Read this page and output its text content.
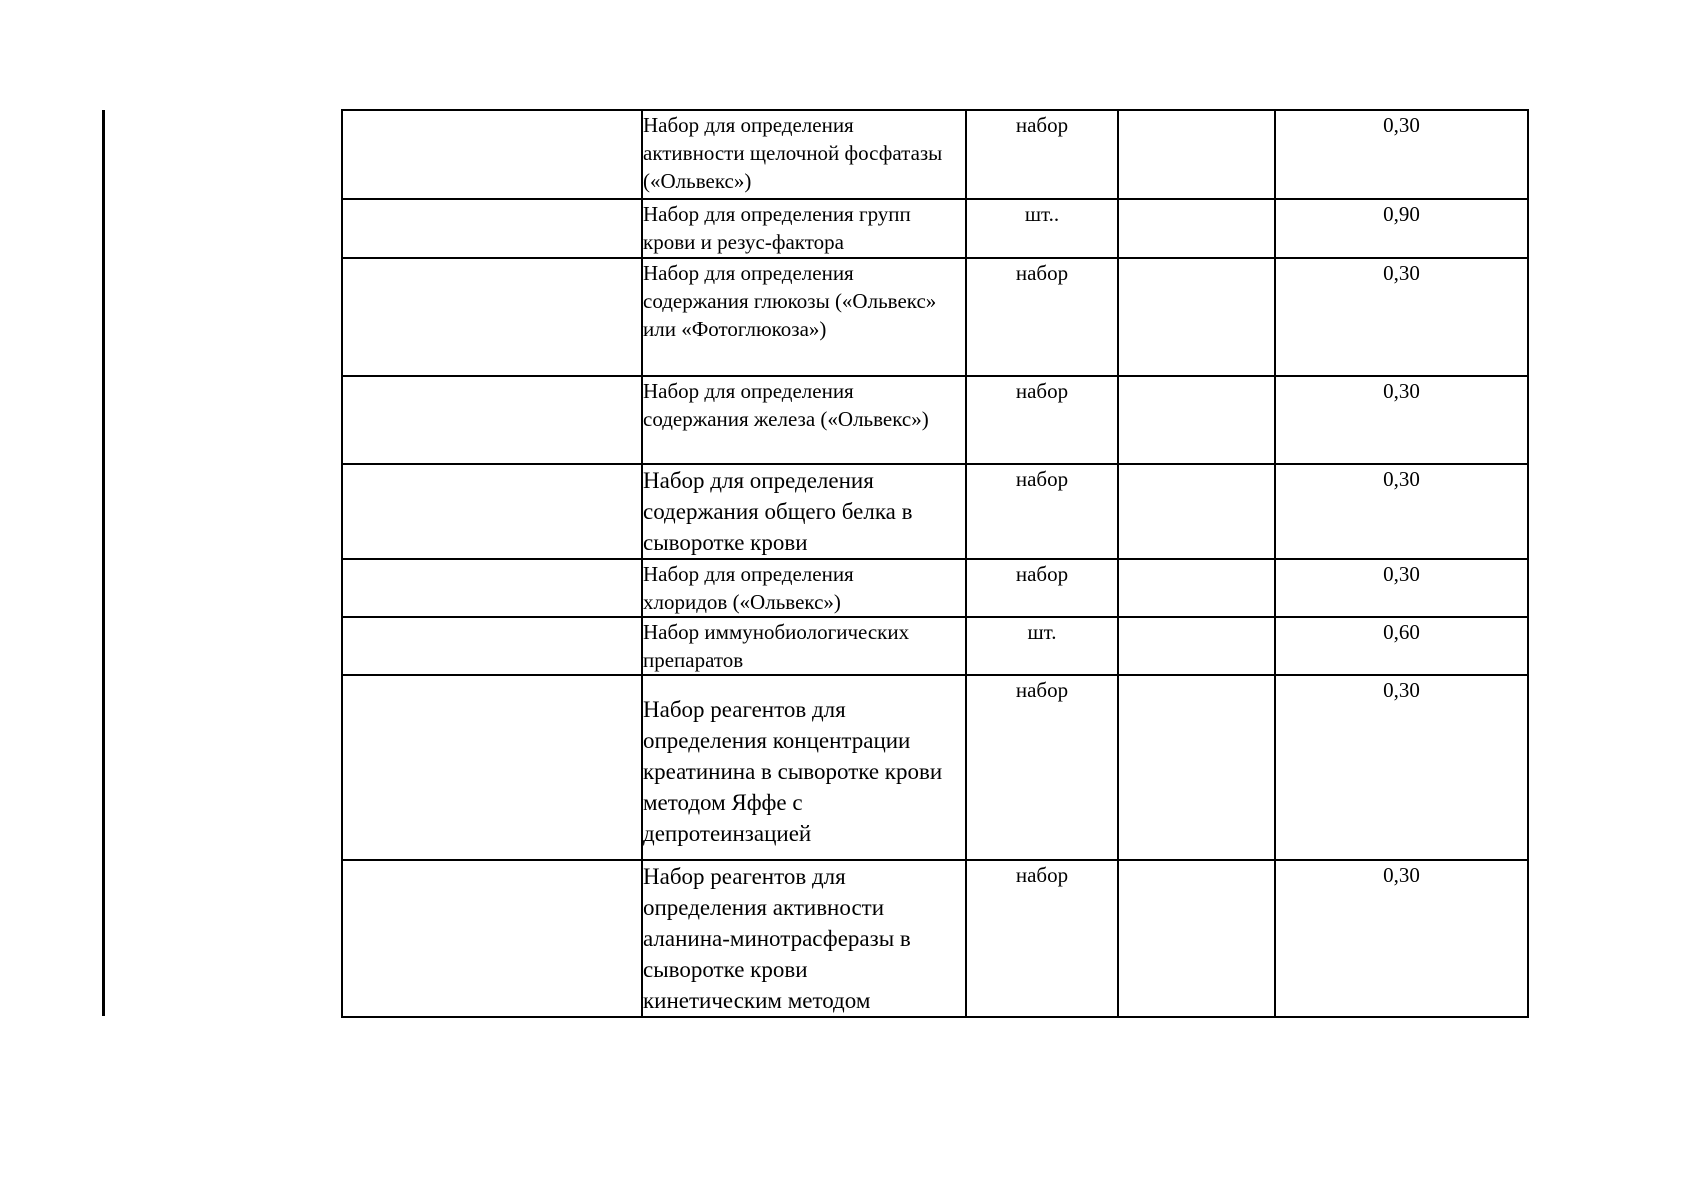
	Набор для определения активности щелочной фосфатазы («Ольвекс»)	набор		0,30

	Набор для определения групп крови и резус-фактора	шт..		0,90

	Набор для определения содержания глюкозы («Ольвекс» или «Фотоглюкоза»)	набор		0,30

	Набор для определения содержания железа («Ольвекс»)	набор		0,30

	Набор для определения содержания общего белка в сыворотке крови	набор		0,30

	Набор для определения хлоридов («Ольвекс»)	набор		0,30

	Набор иммунобиологических препаратов	шт.		0,60

	Набор реагентов для определения концентрации креатинина в сыворотке крови методом Яффе с депротеинзацией	набор		0,30

	Набор реагентов для определения активности аланина-минотрасферазы в сыворотке крови кинетическим методом	набор		0,30
